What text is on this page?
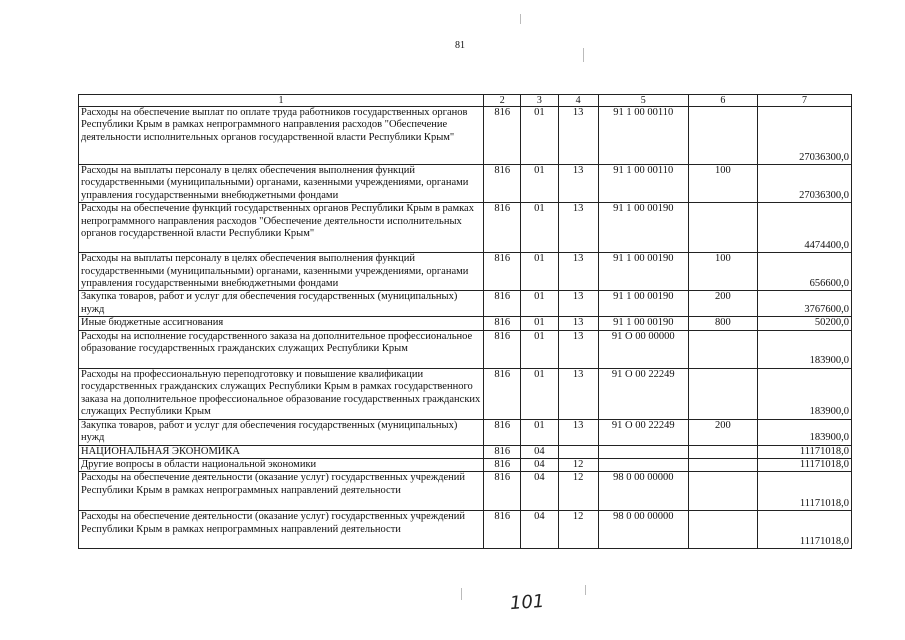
81
1	2	3	4	5	6	7
Расходы на обеспечение выплат по оплате труда работников государственных органов Республики Крым в рамках непрограммного направления расходов "Обеспечение деятельности исполнительных органов государственной власти Республики Крым"	816	01	13	91 1 00 00110		27036300,0
Расходы на выплаты персоналу в целях обеспечения выполнения функций государственными (муниципальными) органами, казенными учреждениями, органами управления государственными внебюджетными фондами	816	01	13	91 1 00 00110	100	27036300,0
Расходы на обеспечение функций государственных органов Республики Крым в рамках непрограммного направления расходов "Обеспечение деятельности исполнительных органов государственной власти Республики Крым"	816	01	13	91 1 00 00190		4474400,0
Расходы на выплаты персоналу в целях обеспечения выполнения функций государственными (муниципальными) органами, казенными учреждениями, органами управления государственными внебюджетными фондами	816	01	13	91 1 00 00190	100	656600,0
Закупка товаров, работ и услуг для обеспечения государственных (муниципальных) нужд	816	01	13	91 1 00 00190	200	3767600,0
Иные бюджетные ассигнования	816	01	13	91 1 00 00190	800	50200,0
Расходы на исполнение государственного заказа на дополнительное профессиональное образование государственных гражданских служащих Республики Крым	816	01	13	91 О 00 00000		183900,0
Расходы на профессиональную переподготовку и повышение квалификации государственных гражданских служащих Республики Крым в рамках государственного заказа на дополнительное профессиональное образование государственных гражданских служащих Республики Крым	816	01	13	91 О 00 22249		183900,0
Закупка товаров, работ и услуг для обеспечения государственных (муниципальных) нужд	816	01	13	91 О 00 22249	200	183900,0
НАЦИОНАЛЬНАЯ ЭКОНОМИКА	816	04				11171018,0
Другие вопросы в области национальной экономики	816	04	12			11171018,0
Расходы на обеспечение деятельности (оказание услуг) государственных учреждений Республики Крым в рамках непрограммных направлений деятельности	816	04	12	98 0 00 00000		11171018,0
Расходы на обеспечение деятельности (оказание услуг) государственных учреждений Республики Крым в рамках непрограммных направлений деятельности	816	04	12	98 0 00 00000		11171018,0
101
